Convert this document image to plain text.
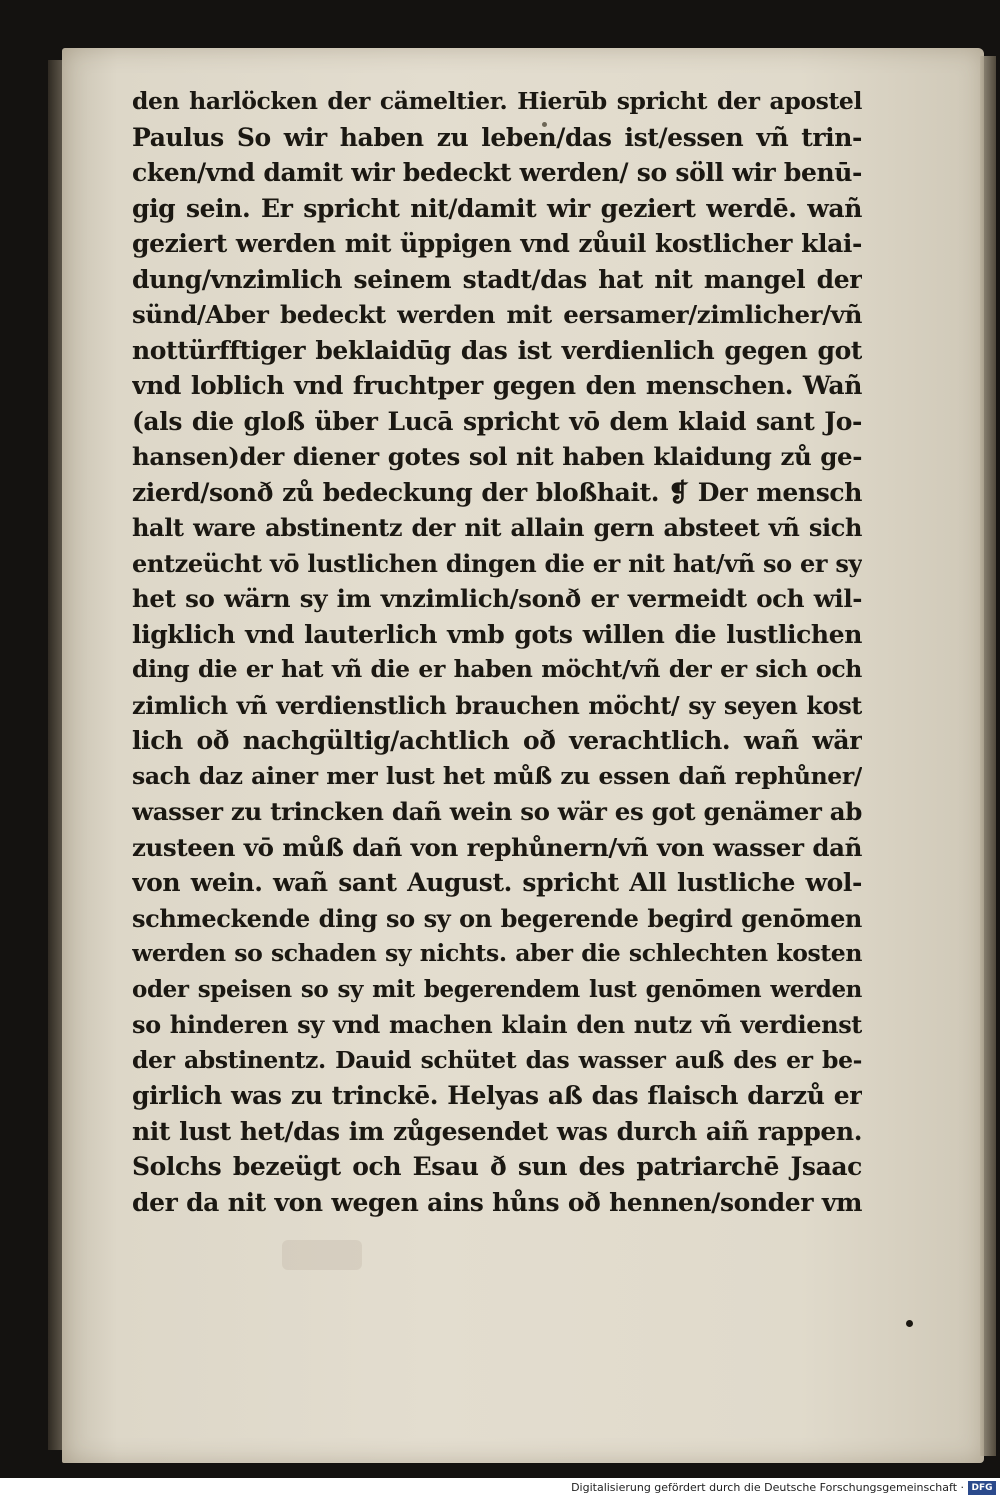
den harlöcken der cämeltier. Hierūb spricht der apostel
Paulus So wir haben zu leben/das ist/essen vñ trin-
cken/vnd damit wir bedeckt werden/ so söll wir benū-
gig sein. Er spricht nit/damit wir geziert werdē. wañ
geziert werden mit üppigen vnd zůuil kostlicher klai-
dung/vnzimlich seinem stadt/das hat nit mangel der
sünd/Aber bedeckt werden mit eersamer/zimlicher/vñ
nottürfftiger beklaidūg das ist verdienlich gegen got
vnd loblich vnd fruchtper gegen den menschen. Wañ
(als die gloß über Lucā spricht vō dem klaid sant Jo-
hansen)der diener gotes sol nit haben klaidung zů ge-
zierd/sonð zů bedeckung der bloßhait. ❡ Der mensch
halt ware abstinentz der nit allain gern absteet vñ sich
entzeücht vō lustlichen dingen die er nit hat/vñ so er sy
het so wärn sy im vnzimlich/sonð er vermeidt och wil-
ligklich vnd lauterlich vmb gots willen die lustlichen
ding die er hat vñ die er haben möcht/vñ der er sich och
zimlich vñ verdienstlich brauchen möcht/ sy seyen kost
lich oð nachgültig/achtlich oð verachtlich. wañ wär
sach daz ainer mer lust het můß zu essen dañ rephůner/
wasser zu trincken dañ wein so wär es got genämer ab
zusteen vō můß dañ von rephůnern/vñ von wasser dañ
von wein. wañ sant August. spricht All lustliche wol-
schmeckende ding so sy on begerende begird genōmen
werden so schaden sy nichts. aber die schlechten kosten
oder speisen so sy mit begerendem lust genōmen werden
so hinderen sy vnd machen klain den nutz vñ verdienst
der abstinentz. Dauid schütet das wasser auß des er be-
girlich was zu trinckē. Helyas aß das flaisch darzů er
nit lust het/das im zůgesendet was durch aiñ rappen.
Solchs bezeügt och Esau ð sun des patriarchē Jsaac
der da nit von wegen ains hůns oð hennen/sonder vm
Digitalisierung gefördert durch die Deutsche Forschungsgemeinschaft · DFG
